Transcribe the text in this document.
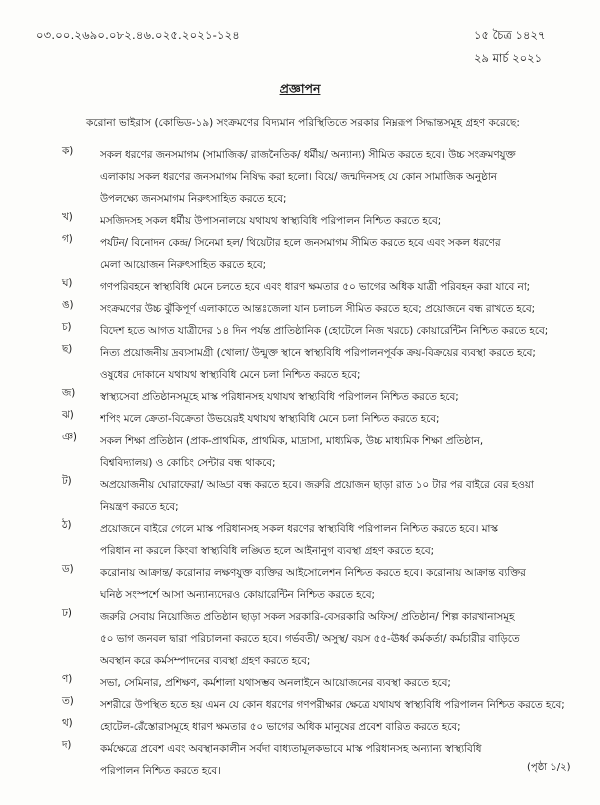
০৩.০০.২৬৯০.০৮২.৪৬.০২৫.২০২১-১২৪	১৫ চৈত্র ১৪২৭
২৯ মার্চ ২০২১
প্রজ্ঞাপন
করোনা ভাইরাস (কোভিড-১৯) সংক্রমণের বিদ্যমান পরিস্থিতিতে সরকার নিম্নরূপ সিদ্ধান্তসমূহ গ্রহণ করেছে:
ক)	সকল ধরণের জনসমাগম (সামাজিক/ রাজনৈতিক/ ধর্মীয়/ অন্যান্য) সীমিত করতে হবে। উচ্চ সংক্রমণযুক্ত
এলাকায় সকল ধরণের জনসমাগম নিষিদ্ধ করা হলো। বিয়ে/ জন্মদিনসহ যে কোন সামাজিক অনুষ্ঠান
উপলক্ষ্যে জনসমাগম নিরুৎসাহিত করতে হবে;
খ)	মসজিদসহ সকল ধর্মীয় উপাসনালয়ে যথাযথ স্বাস্থ্যবিধি পরিপালন নিশ্চিত করতে হবে;
গ)	পর্যটন/ বিনোদন কেন্দ্র/ সিনেমা হল/ থিয়েটার হলে জনসমাগম সীমিত করতে হবে এবং সকল ধরণের
মেলা আয়োজন নিরুৎসাহিত করতে হবে;
ঘ)	গণপরিবহনে স্বাস্থ্যবিধি মেনে চলতে হবে এবং ধারণ ক্ষমতার ৫০ ভাগের অধিক যাত্রী পরিবহন করা যাবে না;
ঙ)	সংক্রমণের উচ্চ ঝুঁকিপূর্ণ এলাকাতে আন্তঃজেলা যান চলাচল সীমিত করতে হবে; প্রয়োজনে বন্ধ রাখতে হবে;
চ)	বিদেশ হতে আগত যাত্রীদের ১৪ দিন পর্যন্ত প্রাতিষ্ঠানিক (হোটেলে নিজ খরচে) কোয়ারেন্টিন নিশ্চিত করতে হবে;
ছ)	নিত্য প্রয়োজনীয় দ্রব্যসামগ্রী (খোলা/ উন্মুক্ত স্থানে স্বাস্থ্যবিধি পরিপালনপূর্বক ক্রয়-বিক্রয়ের ব্যবস্থা করতে হবে;
ওষুধের দোকানে যথাযথ স্বাস্থ্যবিধি মেনে চলা নিশ্চিত করতে হবে;
জ)	স্বাস্থ্যসেবা প্রতিষ্ঠানসমূহে মাস্ক পরিধানসহ যথাযথ স্বাস্থ্যবিধি পরিপালন নিশ্চিত করতে হবে;
ঝ)	শপিং মলে ক্রেতা-বিক্রেতা উভয়েরই যথাযথ স্বাস্থ্যবিধি মেনে চলা নিশ্চিত করতে হবে;
ঞ)	সকল শিক্ষা প্রতিষ্ঠান (প্রাক-প্রাথমিক, প্রাথমিক, মাদ্রাসা, মাধ্যমিক, উচ্চ মাধ্যমিক শিক্ষা প্রতিষ্ঠান,
বিশ্ববিদ্যালয়) ও কোচিং সেন্টার বন্ধ থাকবে;
ট)	অপ্রয়োজনীয় ঘোরাফেরা/ আড্ডা বন্ধ করতে হবে। জরুরি প্রয়োজন ছাড়া রাত ১০ টার পর বাইরে বের হওয়া
নিয়ন্ত্রণ করতে হবে;
ঠ)	প্রয়োজনে বাইরে গেলে মাস্ক পরিধানসহ সকল ধরণের স্বাস্থ্যবিধি পরিপালন নিশ্চিত করতে হবে। মাস্ক
পরিধান না করলে কিংবা স্বাস্থ্যবিধি লঙ্ঘিত হলে আইনানুগ ব্যবস্থা গ্রহণ করতে হবে;
ড)	করোনায় আক্রান্ত/ করোনার লক্ষণযুক্ত ব্যক্তির আইসোলেশন নিশ্চিত করতে হবে। করোনায় আক্রান্ত ব্যক্তির
ঘনিষ্ঠ সংস্পর্শে আসা অন্যান্যদেরও কোয়ারেন্টিন নিশ্চিত করতে হবে;
ঢ)	জরুরি সেবায় নিয়োজিত প্রতিষ্ঠান ছাড়া সকল সরকারি-বেসরকারি অফিস/ প্রতিষ্ঠান/ শিল্প কারখানাসমূহ
৫০ ভাগ জনবল দ্বারা পরিচালনা করতে হবে। গর্ভবতী/ অসুস্থ/ বয়স ৫৫-ঊর্ধ্ব কর্মকর্তা/ কর্মচারীর বাড়িতে
অবস্থান করে কর্মসম্পাদনের ব্যবস্থা গ্রহণ করতে হবে;
ণ)	সভা, সেমিনার, প্রশিক্ষণ, কর্মশালা যথাসম্ভব অনলাইনে আয়োজনের ব্যবস্থা করতে হবে;
ত)	সশরীরে উপস্থিত হতে হয় এমন যে কোন ধরণের গণপরীক্ষার ক্ষেত্রে যথাযথ স্বাস্থ্যবিধি পরিপালন নিশ্চিত করতে হবে;
থ)	হোটেল-রেঁস্তোরাসমূহে ধারণ ক্ষমতার ৫০ ভাগের অধিক মানুষের প্রবেশ বারিত করতে হবে;
দ)	কর্মক্ষেত্রে প্রবেশ এবং অবস্থানকালীন সর্বদা বাধ্যতামূলকভাবে মাস্ক পরিধানসহ অন্যান্য স্বাস্থ্যবিধি
পরিপালন নিশ্চিত করতে হবে।	(পৃষ্ঠা ১/২)
